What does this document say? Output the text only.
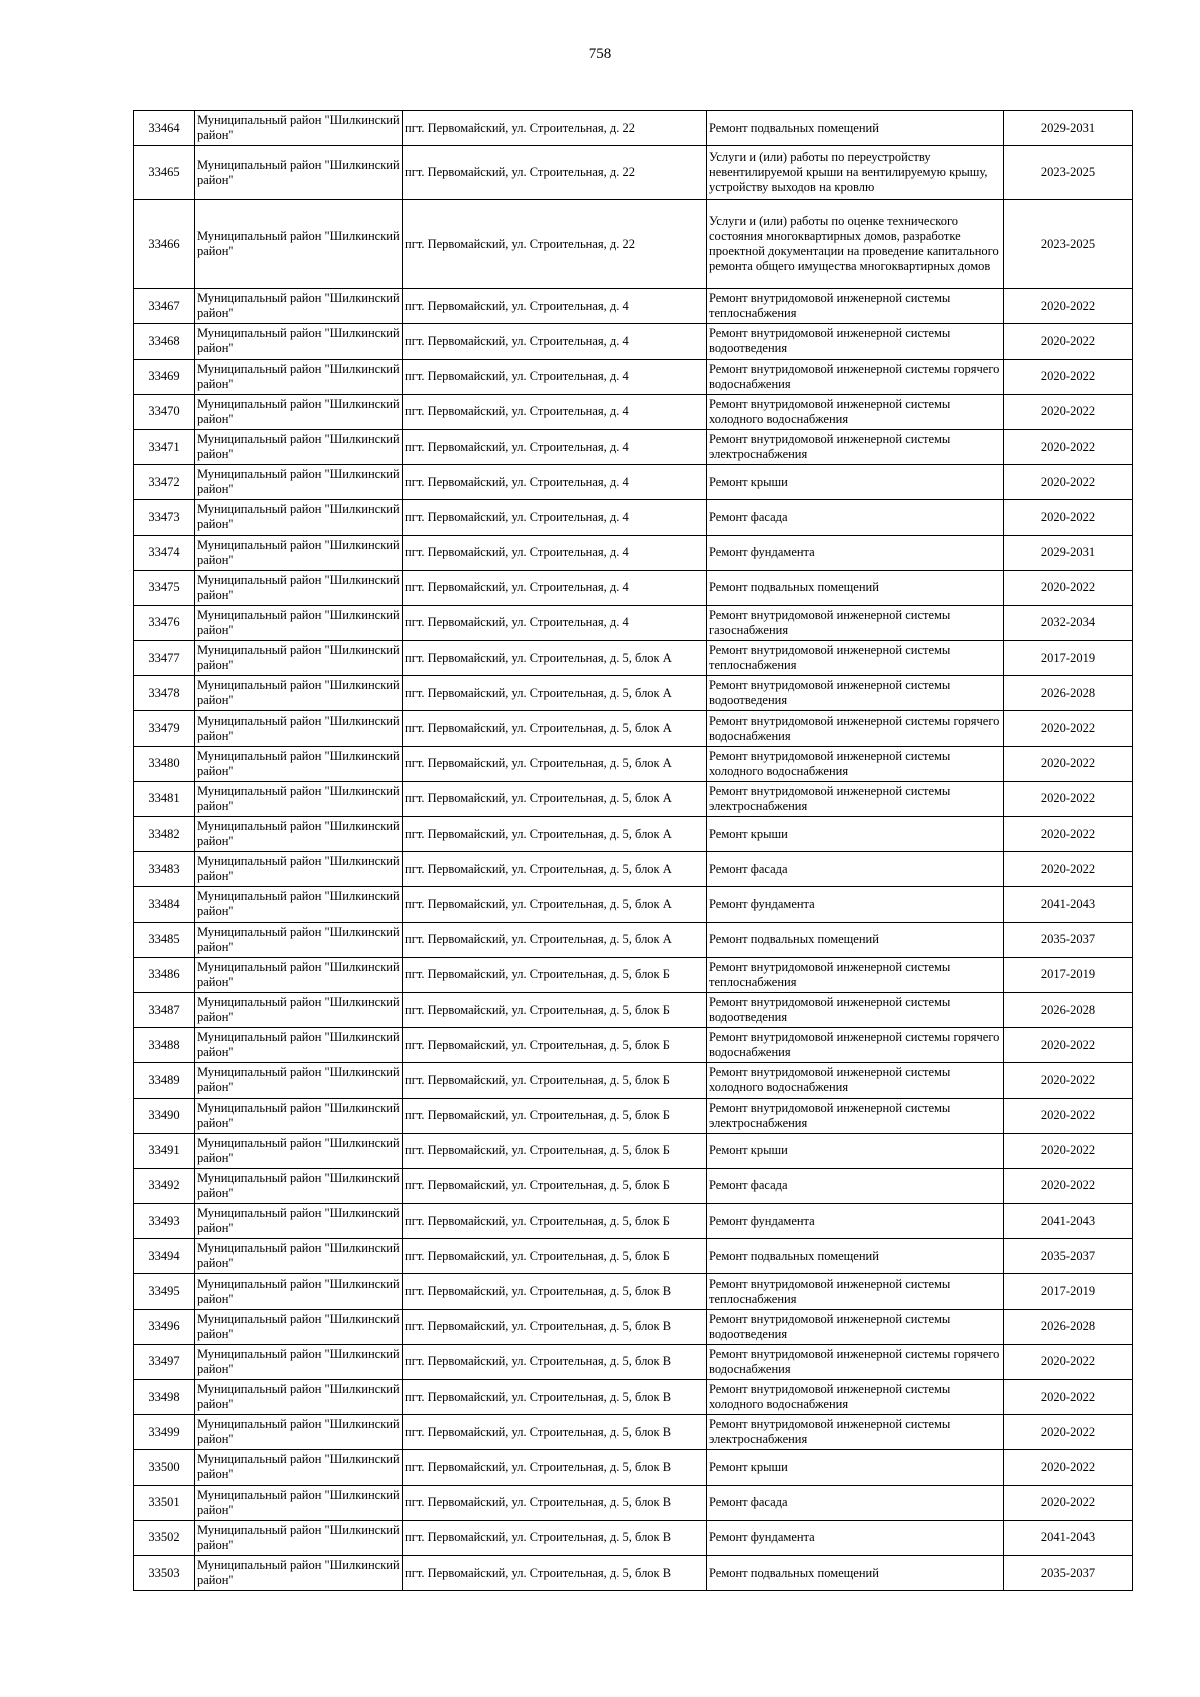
758
33464	Муниципальный район "Шилкинский район"	пгт. Первомайский, ул. Строительная, д. 22	Ремонт подвальных помещений	2029-2031
33465	Муниципальный район "Шилкинский район"	пгт. Первомайский, ул. Строительная, д. 22	Услуги и (или) работы по переустройству невентилируемой крыши на вентилируемую крышу, устройству выходов на кровлю	2023-2025
33466	Муниципальный район "Шилкинский район"	пгт. Первомайский, ул. Строительная, д. 22	Услуги и (или) работы по оценке технического состояния многоквартирных домов, разработке проектной документации на проведение капитального ремонта общего имущества многоквартирных домов	2023-2025
33467	Муниципальный район "Шилкинский район"	пгт. Первомайский, ул. Строительная, д. 4	Ремонт внутридомовой инженерной системы теплоснабжения	2020-2022
33468	Муниципальный район "Шилкинский район"	пгт. Первомайский, ул. Строительная, д. 4	Ремонт внутридомовой инженерной системы водоотведения	2020-2022
33469	Муниципальный район "Шилкинский район"	пгт. Первомайский, ул. Строительная, д. 4	Ремонт внутридомовой инженерной системы горячего водоснабжения	2020-2022
33470	Муниципальный район "Шилкинский район"	пгт. Первомайский, ул. Строительная, д. 4	Ремонт внутридомовой инженерной системы холодного водоснабжения	2020-2022
33471	Муниципальный район "Шилкинский район"	пгт. Первомайский, ул. Строительная, д. 4	Ремонт внутридомовой инженерной системы электроснабжения	2020-2022
33472	Муниципальный район "Шилкинский район"	пгт. Первомайский, ул. Строительная, д. 4	Ремонт крыши	2020-2022
33473	Муниципальный район "Шилкинский район"	пгт. Первомайский, ул. Строительная, д. 4	Ремонт фасада	2020-2022
33474	Муниципальный район "Шилкинский район"	пгт. Первомайский, ул. Строительная, д. 4	Ремонт фундамента	2029-2031
33475	Муниципальный район "Шилкинский район"	пгт. Первомайский, ул. Строительная, д. 4	Ремонт подвальных помещений	2020-2022
33476	Муниципальный район "Шилкинский район"	пгт. Первомайский, ул. Строительная, д. 4	Ремонт внутридомовой инженерной системы газоснабжения	2032-2034
33477	Муниципальный район "Шилкинский район"	пгт. Первомайский, ул. Строительная, д. 5, блок А	Ремонт внутридомовой инженерной системы теплоснабжения	2017-2019
33478	Муниципальный район "Шилкинский район"	пгт. Первомайский, ул. Строительная, д. 5, блок А	Ремонт внутридомовой инженерной системы водоотведения	2026-2028
33479	Муниципальный район "Шилкинский район"	пгт. Первомайский, ул. Строительная, д. 5, блок А	Ремонт внутридомовой инженерной системы горячего водоснабжения	2020-2022
33480	Муниципальный район "Шилкинский район"	пгт. Первомайский, ул. Строительная, д. 5, блок А	Ремонт внутридомовой инженерной системы холодного водоснабжения	2020-2022
33481	Муниципальный район "Шилкинский район"	пгт. Первомайский, ул. Строительная, д. 5, блок А	Ремонт внутридомовой инженерной системы электроснабжения	2020-2022
33482	Муниципальный район "Шилкинский район"	пгт. Первомайский, ул. Строительная, д. 5, блок А	Ремонт крыши	2020-2022
33483	Муниципальный район "Шилкинский район"	пгт. Первомайский, ул. Строительная, д. 5, блок А	Ремонт фасада	2020-2022
33484	Муниципальный район "Шилкинский район"	пгт. Первомайский, ул. Строительная, д. 5, блок А	Ремонт фундамента	2041-2043
33485	Муниципальный район "Шилкинский район"	пгт. Первомайский, ул. Строительная, д. 5, блок А	Ремонт подвальных помещений	2035-2037
33486	Муниципальный район "Шилкинский район"	пгт. Первомайский, ул. Строительная, д. 5, блок Б	Ремонт внутридомовой инженерной системы теплоснабжения	2017-2019
33487	Муниципальный район "Шилкинский район"	пгт. Первомайский, ул. Строительная, д. 5, блок Б	Ремонт внутридомовой инженерной системы водоотведения	2026-2028
33488	Муниципальный район "Шилкинский район"	пгт. Первомайский, ул. Строительная, д. 5, блок Б	Ремонт внутридомовой инженерной системы горячего водоснабжения	2020-2022
33489	Муниципальный район "Шилкинский район"	пгт. Первомайский, ул. Строительная, д. 5, блок Б	Ремонт внутридомовой инженерной системы холодного водоснабжения	2020-2022
33490	Муниципальный район "Шилкинский район"	пгт. Первомайский, ул. Строительная, д. 5, блок Б	Ремонт внутридомовой инженерной системы электроснабжения	2020-2022
33491	Муниципальный район "Шилкинский район"	пгт. Первомайский, ул. Строительная, д. 5, блок Б	Ремонт крыши	2020-2022
33492	Муниципальный район "Шилкинский район"	пгт. Первомайский, ул. Строительная, д. 5, блок Б	Ремонт фасада	2020-2022
33493	Муниципальный район "Шилкинский район"	пгт. Первомайский, ул. Строительная, д. 5, блок Б	Ремонт фундамента	2041-2043
33494	Муниципальный район "Шилкинский район"	пгт. Первомайский, ул. Строительная, д. 5, блок Б	Ремонт подвальных помещений	2035-2037
33495	Муниципальный район "Шилкинский район"	пгт. Первомайский, ул. Строительная, д. 5, блок В	Ремонт внутридомовой инженерной системы теплоснабжения	2017-2019
33496	Муниципальный район "Шилкинский район"	пгт. Первомайский, ул. Строительная, д. 5, блок В	Ремонт внутридомовой инженерной системы водоотведения	2026-2028
33497	Муниципальный район "Шилкинский район"	пгт. Первомайский, ул. Строительная, д. 5, блок В	Ремонт внутридомовой инженерной системы горячего водоснабжения	2020-2022
33498	Муниципальный район "Шилкинский район"	пгт. Первомайский, ул. Строительная, д. 5, блок В	Ремонт внутридомовой инженерной системы холодного водоснабжения	2020-2022
33499	Муниципальный район "Шилкинский район"	пгт. Первомайский, ул. Строительная, д. 5, блок В	Ремонт внутридомовой инженерной системы электроснабжения	2020-2022
33500	Муниципальный район "Шилкинский район"	пгт. Первомайский, ул. Строительная, д. 5, блок В	Ремонт крыши	2020-2022
33501	Муниципальный район "Шилкинский район"	пгт. Первомайский, ул. Строительная, д. 5, блок В	Ремонт фасада	2020-2022
33502	Муниципальный район "Шилкинский район"	пгт. Первомайский, ул. Строительная, д. 5, блок В	Ремонт фундамента	2041-2043
33503	Муниципальный район "Шилкинский район"	пгт. Первомайский, ул. Строительная, д. 5, блок В	Ремонт подвальных помещений	2035-2037
